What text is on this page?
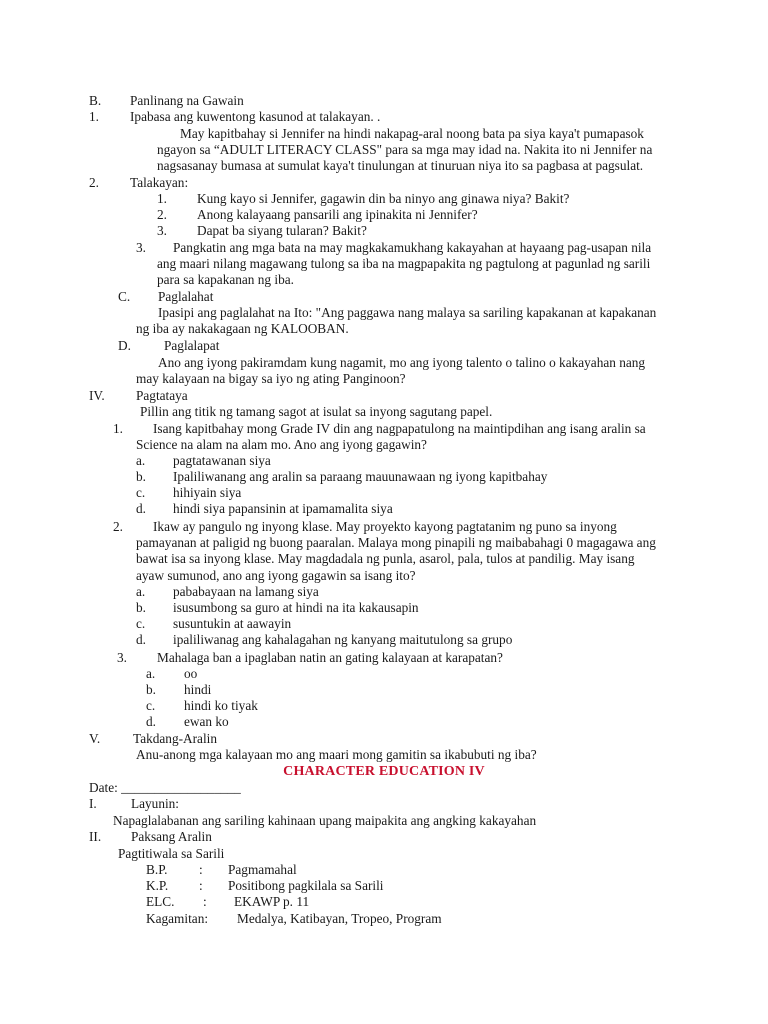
B. Panlinang na Gawain
1. Ipabasa ang kuwentong kasunod at talakayan. .
May kapitbahay si Jennifer na hindi nakapag-aral noong bata pa siya kaya't pumapasok
ngayon sa “ADULT LITERACY CLASS" para sa mga may idad na. Nakita ito ni Jennifer na
nagsasanay bumasa at sumulat kaya't tinulungan at tinuruan niya ito sa pagbasa at pagsulat.
2. Talakayan:
1. Kung kayo si Jennifer, gagawin din ba ninyo ang ginawa niya? Bakit?
2. Anong kalayaang pansarili ang ipinakita ni Jennifer?
3. Dapat ba siyang tularan? Bakit?
3. Pangkatin ang mga bata na may magkakamukhang kakayahan at hayaang pag-usapan nila
ang maari nilang magawang tulong sa iba na magpapakita ng pagtulong at pagunlad ng sarili
para sa kapakanan ng iba.
C. Paglalahat
Ipasipi ang paglalahat na Ito: "Ang paggawa nang malaya sa sariling kapakanan at kapakanan
ng iba ay nakakagaan ng KALOOBAN.
D. Paglalapat
Ano ang iyong pakiramdam kung nagamit, mo ang iyong talento o talino o kakayahan nang
may kalayaan na bigay sa iyo ng ating Panginoon?
IV. Pagtataya
Pillin ang titik ng tamang sagot at isulat sa inyong sagutang papel.
1. Isang kapitbahay mong Grade IV din ang nagpapatulong na maintipdihan ang isang aralin sa
Science na alam na alam mo. Ano ang iyong gagawin?
a. pagtatawanan siya
b. Ipaliliwanang ang aralin sa paraang mauunawaan ng iyong kapitbahay
c. hihiyain siya
d. hindi siya papansinin at ipamamalita siya
2. Ikaw ay pangulo ng inyong klase. May proyekto kayong pagtatanim ng puno sa inyong
pamayanan at paligid ng buong paaralan. Malaya mong pinapili ng maibabahagi 0 magagawa ang
bawat isa sa inyong klase. May magdadala ng punla, asarol, pala, tulos at pandilig. May isang
ayaw sumunod, ano ang iyong gagawin sa isang ito?
a. pababayaan na lamang siya
b. isusumbong sa guro at hindi na ita kakausapin
c. susuntukin at aawayin
d. ipaliliwanag ang kahalagahan ng kanyang maitutulong sa grupo
3. Mahalaga ban a ipaglaban natin an gating kalayaan at karapatan?
a. oo
b. hindi
c. hindi ko tiyak
d. ewan ko
V. Takdang-Aralin
Anu-anong mga kalayaan mo ang maari mong gamitin sa ikabubuti ng iba?
CHARACTER EDUCATION IV
Date: __________________
I.	Layunin:
Napaglalabanan ang sariling kahinaan upang maipakita ang angking kakayahan
II. Paksang Aralin
Pagtitiwala sa Sarili
B.P. : Pagmamahal
K.P. : Positibong pagkilala sa Sarili
ELC. : EKAWP p. 11
Kagamitan: Medalya, Katibayan, Tropeo, Program
